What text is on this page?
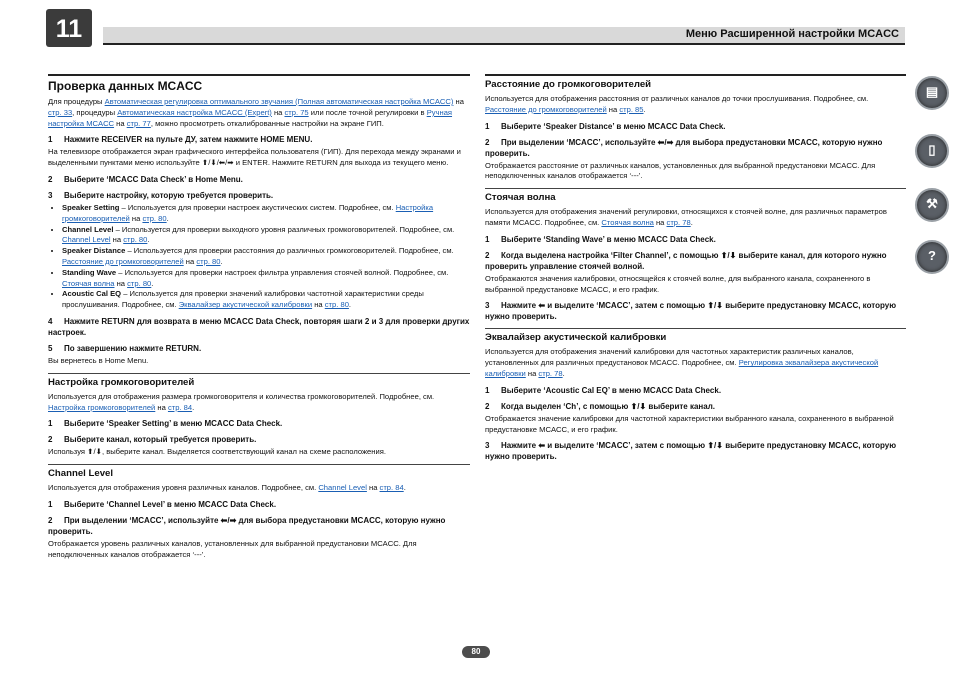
11	Меню Расширенной настройки MCACC
▤
▯
⚒
?
Проверка данных MCACC

Для процедуры Автоматическая регулировка оптимального звучания (Полная автоматическая настройка MCACC) на стр. 33, процедуры Автоматическая настройка MCACC (Expert) на стр. 75 или после точной регулировки в Ручная настройка MCACC на стр. 77, можно просмотреть откалиброванные настройки на экране ГИП.

1 Нажмите RECEIVER на пульте ДУ, затем нажмите HOME MENU.

На телевизоре отображается экран графического интерфейса пользователя (ГИП). Для перехода между экранами и выделенными пунктами меню используйте ⬆/⬇/⬅/➡ и ENTER. Нажмите RETURN для выхода из текущего меню.

2 Выберите ‘MCACC Data Check’ в Home Menu.
3 Выберите настройку, которую требуется проверить.
• Speaker Setting – Используется для проверки настроек акустических систем. Подробнее, см. Настройка громкоговорителей на стр. 80.
• Channel Level – Используется для проверки выходного уровня различных громкоговорителей. Подробнее, см. Channel Level на стр. 80.
• Speaker Distance – Используется для проверки расстояния до различных громкоговорителей. Подробнее, см. Расстояние до громкоговорителей на стр. 80.
• Standing Wave – Используется для проверки настроек фильтра управления стоячей волной. Подробнее, см. Стоячая волна на стр. 80.
• Acoustic Cal EQ – Используется для проверки значений калибровки частотной характеристики среды прослушивания. Подробнее, см. Эквалайзер акустической калибровки на стр. 80.
4 Нажмите RETURN для возврата в меню MCACC Data Check, повторяя шаги 2 и 3 для проверки других настроек.
5 По завершению нажмите RETURN.

Вы вернетесь в Home Menu.

Настройка громкоговорителей

Используется для отображения размера громкоговорителя и количества громкоговорителей. Подробнее, см. Настройка громкоговорителей на стр. 84.

1 Выберите ‘Speaker Setting’ в меню MCACC Data Check.
2 Выберите канал, который требуется проверить.

Используя ⬆/⬇, выберите канал. Выделяется соответствующий канал на схеме расположения.

Channel Level

Используется для отображения уровня различных каналов. Подробнее, см. Channel Level на стр. 84.

1 Выберите ‘Channel Level’ в меню MCACC Data Check.
2 При выделении ‘MCACC’, используйте ⬅/➡ для выбора предустановки MCACC, которую нужно проверить.

Отображается уровень различных каналов, установленных для выбранной предустановки MCACC. Для неподключенных каналов отображается ‘---’.

Расстояние до громкоговорителей

Используется для отображения расстояния от различных каналов до точки прослушивания. Подробнее, см. Расстояние до громкоговорителей на стр. 85.

1 Выберите ‘Speaker Distance’ в меню MCACC Data Check.
2 При выделении ‘MCACC’, используйте ⬅/➡ для выбора предустановки MCACC, которую нужно проверить.

Отображается расстояние от различных каналов, установленных для выбранной предустановки MCACC. Для неподключенных каналов отображается ‘---’.

Стоячая волна

Используется для отображения значений регулировки, относящихся к стоячей волне, для различных параметров памяти MCACC. Подробнее, см. Стоячая волна на стр. 78.

1 Выберите ‘Standing Wave’ в меню MCACC Data Check.
2 Когда выделена настройка ‘Filter Channel’, с помощью ⬆/⬇ выберите канал, для которого нужно проверить управление стоячей волной.

Отображаются значения калибровки, относящейся к стоячей волне, для выбранного канала, сохраненного в выбранной предустановке MCACC, и его график.

3 Нажмите ⬅ и выделите ‘MCACC’, затем с помощью ⬆/⬇ выберите предустановку MCACC, которую нужно проверить.
Эквалайзер акустической калибровки

Используется для отображения значений калибровки для частотных характеристик различных каналов, установленных для различных предустановок MCACC. Подробнее, см. Регулировка эквалайзера акустической калибровки на стр. 78.

1 Выберите ‘Acoustic Cal EQ’ в меню MCACC Data Check.
2 Когда выделен ‘Ch’, с помощью ⬆/⬇ выберите канал.

Отображается значение калибровки для частотной характеристики выбранного канала, сохраненного в выбранной предустановке MCACC, и его график.

3 Нажмите ⬅ и выделите ‘MCACC’, затем с помощью ⬆/⬇ выберите предустановку MCACC, которую нужно проверить.
80
